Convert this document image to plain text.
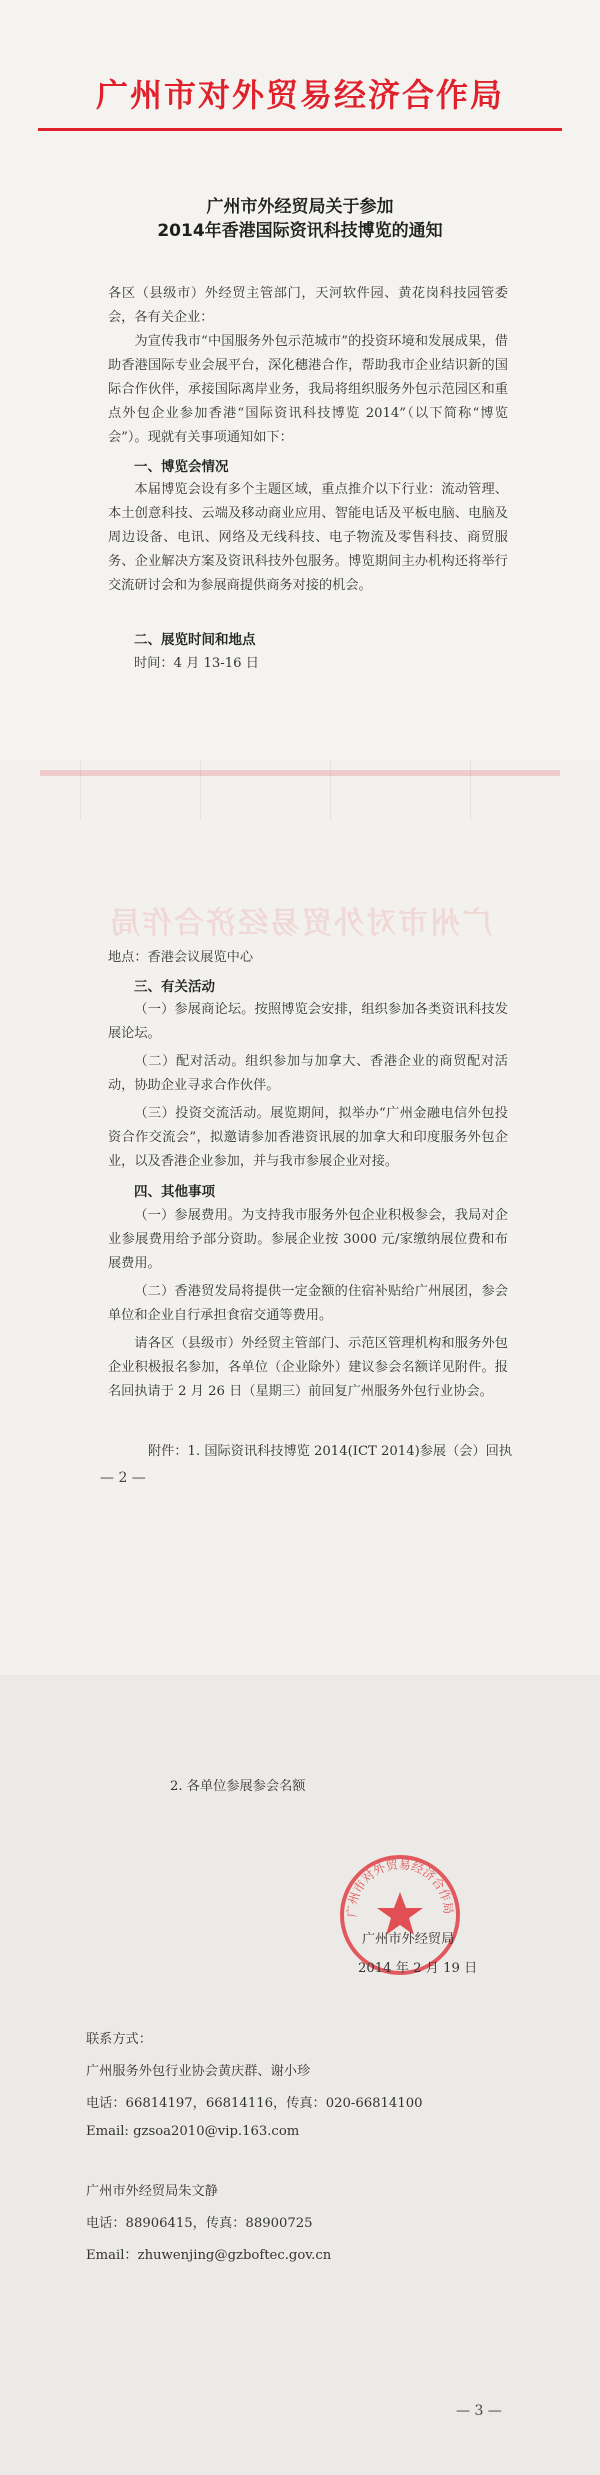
广州市对外贸易经济合作局
广州市外经贸局关于参加
2014年香港国际资讯科技博览的通知
各区（县级市）外经贸主管部门，天河软件园、黄花岗科技园管委会，各有关企业：
为宣传我市“中国服务外包示范城市”的投资环境和发展成果，借助香港国际专业会展平台，深化穗港合作，帮助我市企业结识新的国际合作伙伴，承接国际离岸业务，我局将组织服务外包示范园区和重点外包企业参加香港“国际资讯科技博览 2014”（以下简称“博览会”）。现就有关事项通知如下：
一、博览会情况
本届博览会设有多个主题区域，重点推介以下行业：流动管理、本土创意科技、云端及移动商业应用、智能电话及平板电脑、电脑及周边设备、电讯、网络及无线科技、电子物流及零售科技、商贸服务、企业解决方案及资讯科技外包服务。博览期间主办机构还将举行交流研讨会和为参展商提供商务对接的机会。
二、展览时间和地点
时间：4 月 13-16 日
广州市对外贸易经济合作局
地点：香港会议展览中心
三、有关活动
（一）参展商论坛。按照博览会安排，组织参加各类资讯科技发展论坛。
（二）配对活动。组织参加与加拿大、香港企业的商贸配对活动，协助企业寻求合作伙伴。
（三）投资交流活动。展览期间，拟举办“广州金融电信外包投资合作交流会”，拟邀请参加香港资讯展的加拿大和印度服务外包企业，以及香港企业参加，并与我市参展企业对接。
四、其他事项
（一）参展费用。为支持我市服务外包企业积极参会，我局对企业参展费用给予部分资助。参展企业按 3000 元/家缴纳展位费和布展费用。
（二）香港贸发局将提供一定金额的住宿补贴给广州展团，参会单位和企业自行承担食宿交通等费用。
请各区（县级市）外经贸主管部门、示范区管理机构和服务外包企业积极报名参加，各单位（企业除外）建议参会名额详见附件。报名回执请于 2 月 26 日（星期三）前回复广州服务外包行业协会。
附件：1. 国际资讯科技博览 2014(ICT 2014)参展（会）回执
— 2 —
2. 各单位参展参会名额
广州市对外贸易经济合作局
广州市外经贸局
2014 年 2 月 19 日
联系方式：
广州服务外包行业协会黄庆群、谢小珍
电话：66814197，66814116，传真：020-66814100
Email: gzsoa2010@vip.163.com
广州市外经贸局朱文静
电话：88906415，传真：88900725
Email：zhuwenjing@gzboftec.gov.cn
— 3 —
